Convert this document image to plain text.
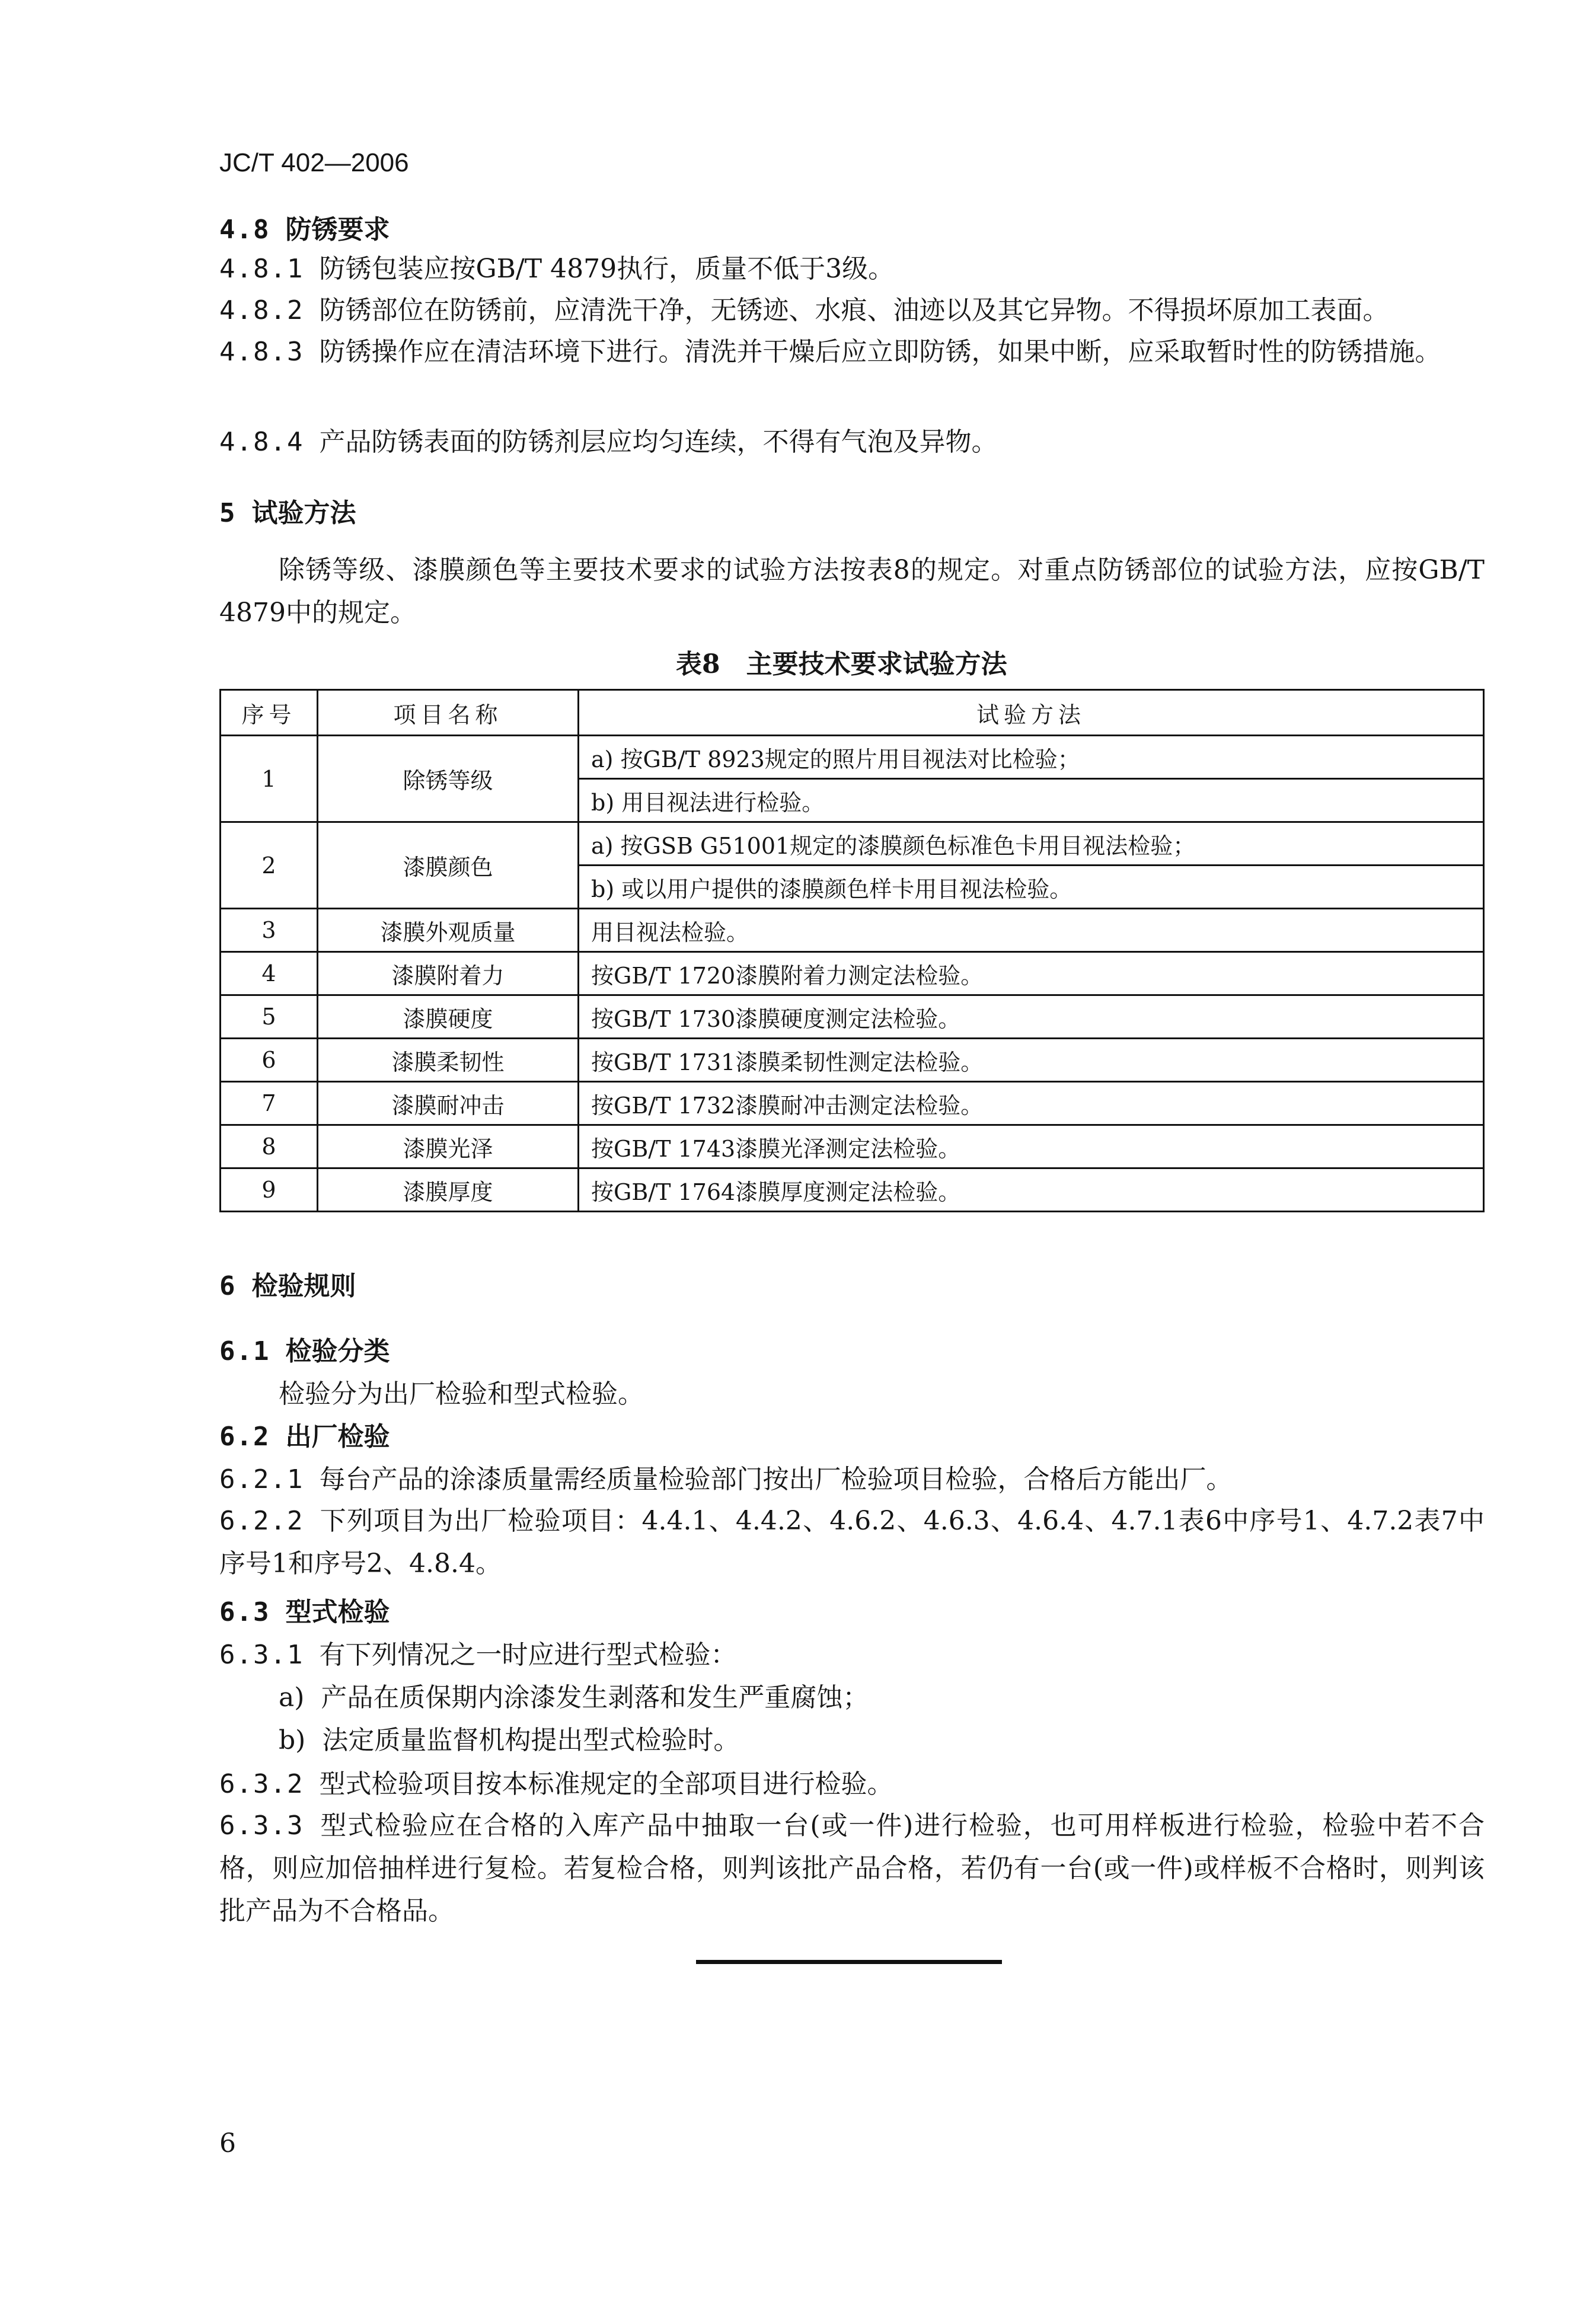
JC/T 402—2006
4.8 防锈要求
4.8.1 防锈包装应按GB/T 4879执行，质量不低于3级。
4.8.2 防锈部位在防锈前，应清洗干净，无锈迹、水痕、油迹以及其它异物。不得损坏原加工表面。
4.8.3 防锈操作应在清洁环境下进行。清洗并干燥后应立即防锈，如果中断，应采取暂时性的防锈措施。
4.8.4 产品防锈表面的防锈剂层应均匀连续，不得有气泡及异物。
5 试验方法
除锈等级、漆膜颜色等主要技术要求的试验方法按表8的规定。对重点防锈部位的试验方法，应按GB/T 4879中的规定。
表8　主要技术要求试验方法
序号	项目名称	试验方法
1	除锈等级	a) 按GB/T 8923规定的照片用目视法对比检验；
		b) 用目视法进行检验。
2	漆膜颜色	a) 按GSB G51001规定的漆膜颜色标准色卡用目视法检验；
		b) 或以用户提供的漆膜颜色样卡用目视法检验。
3	漆膜外观质量	用目视法检验。
4	漆膜附着力	按GB/T 1720漆膜附着力测定法检验。
5	漆膜硬度	按GB/T 1730漆膜硬度测定法检验。
6	漆膜柔韧性	按GB/T 1731漆膜柔韧性测定法检验。
7	漆膜耐冲击	按GB/T 1732漆膜耐冲击测定法检验。
8	漆膜光泽	按GB/T 1743漆膜光泽测定法检验。
9	漆膜厚度	按GB/T 1764漆膜厚度测定法检验。
6 检验规则
6.1 检验分类
检验分为出厂检验和型式检验。
6.2 出厂检验
6.2.1 每台产品的涂漆质量需经质量检验部门按出厂检验项目检验，合格后方能出厂。
6.2.2 下列项目为出厂检验项目：4.4.1、4.4.2、4.6.2、4.6.3、4.6.4、4.7.1表6中序号1、4.7.2表7中序号1和序号2、4.8.4。
6.3 型式检验
6.3.1 有下列情况之一时应进行型式检验：
a) 产品在质保期内涂漆发生剥落和发生严重腐蚀；
b) 法定质量监督机构提出型式检验时。
6.3.2 型式检验项目按本标准规定的全部项目进行检验。
6.3.3 型式检验应在合格的入库产品中抽取一台(或一件)进行检验，也可用样板进行检验，检验中若不合格，则应加倍抽样进行复检。若复检合格，则判该批产品合格，若仍有一台(或一件)或样板不合格时，则判该批产品为不合格品。
6
